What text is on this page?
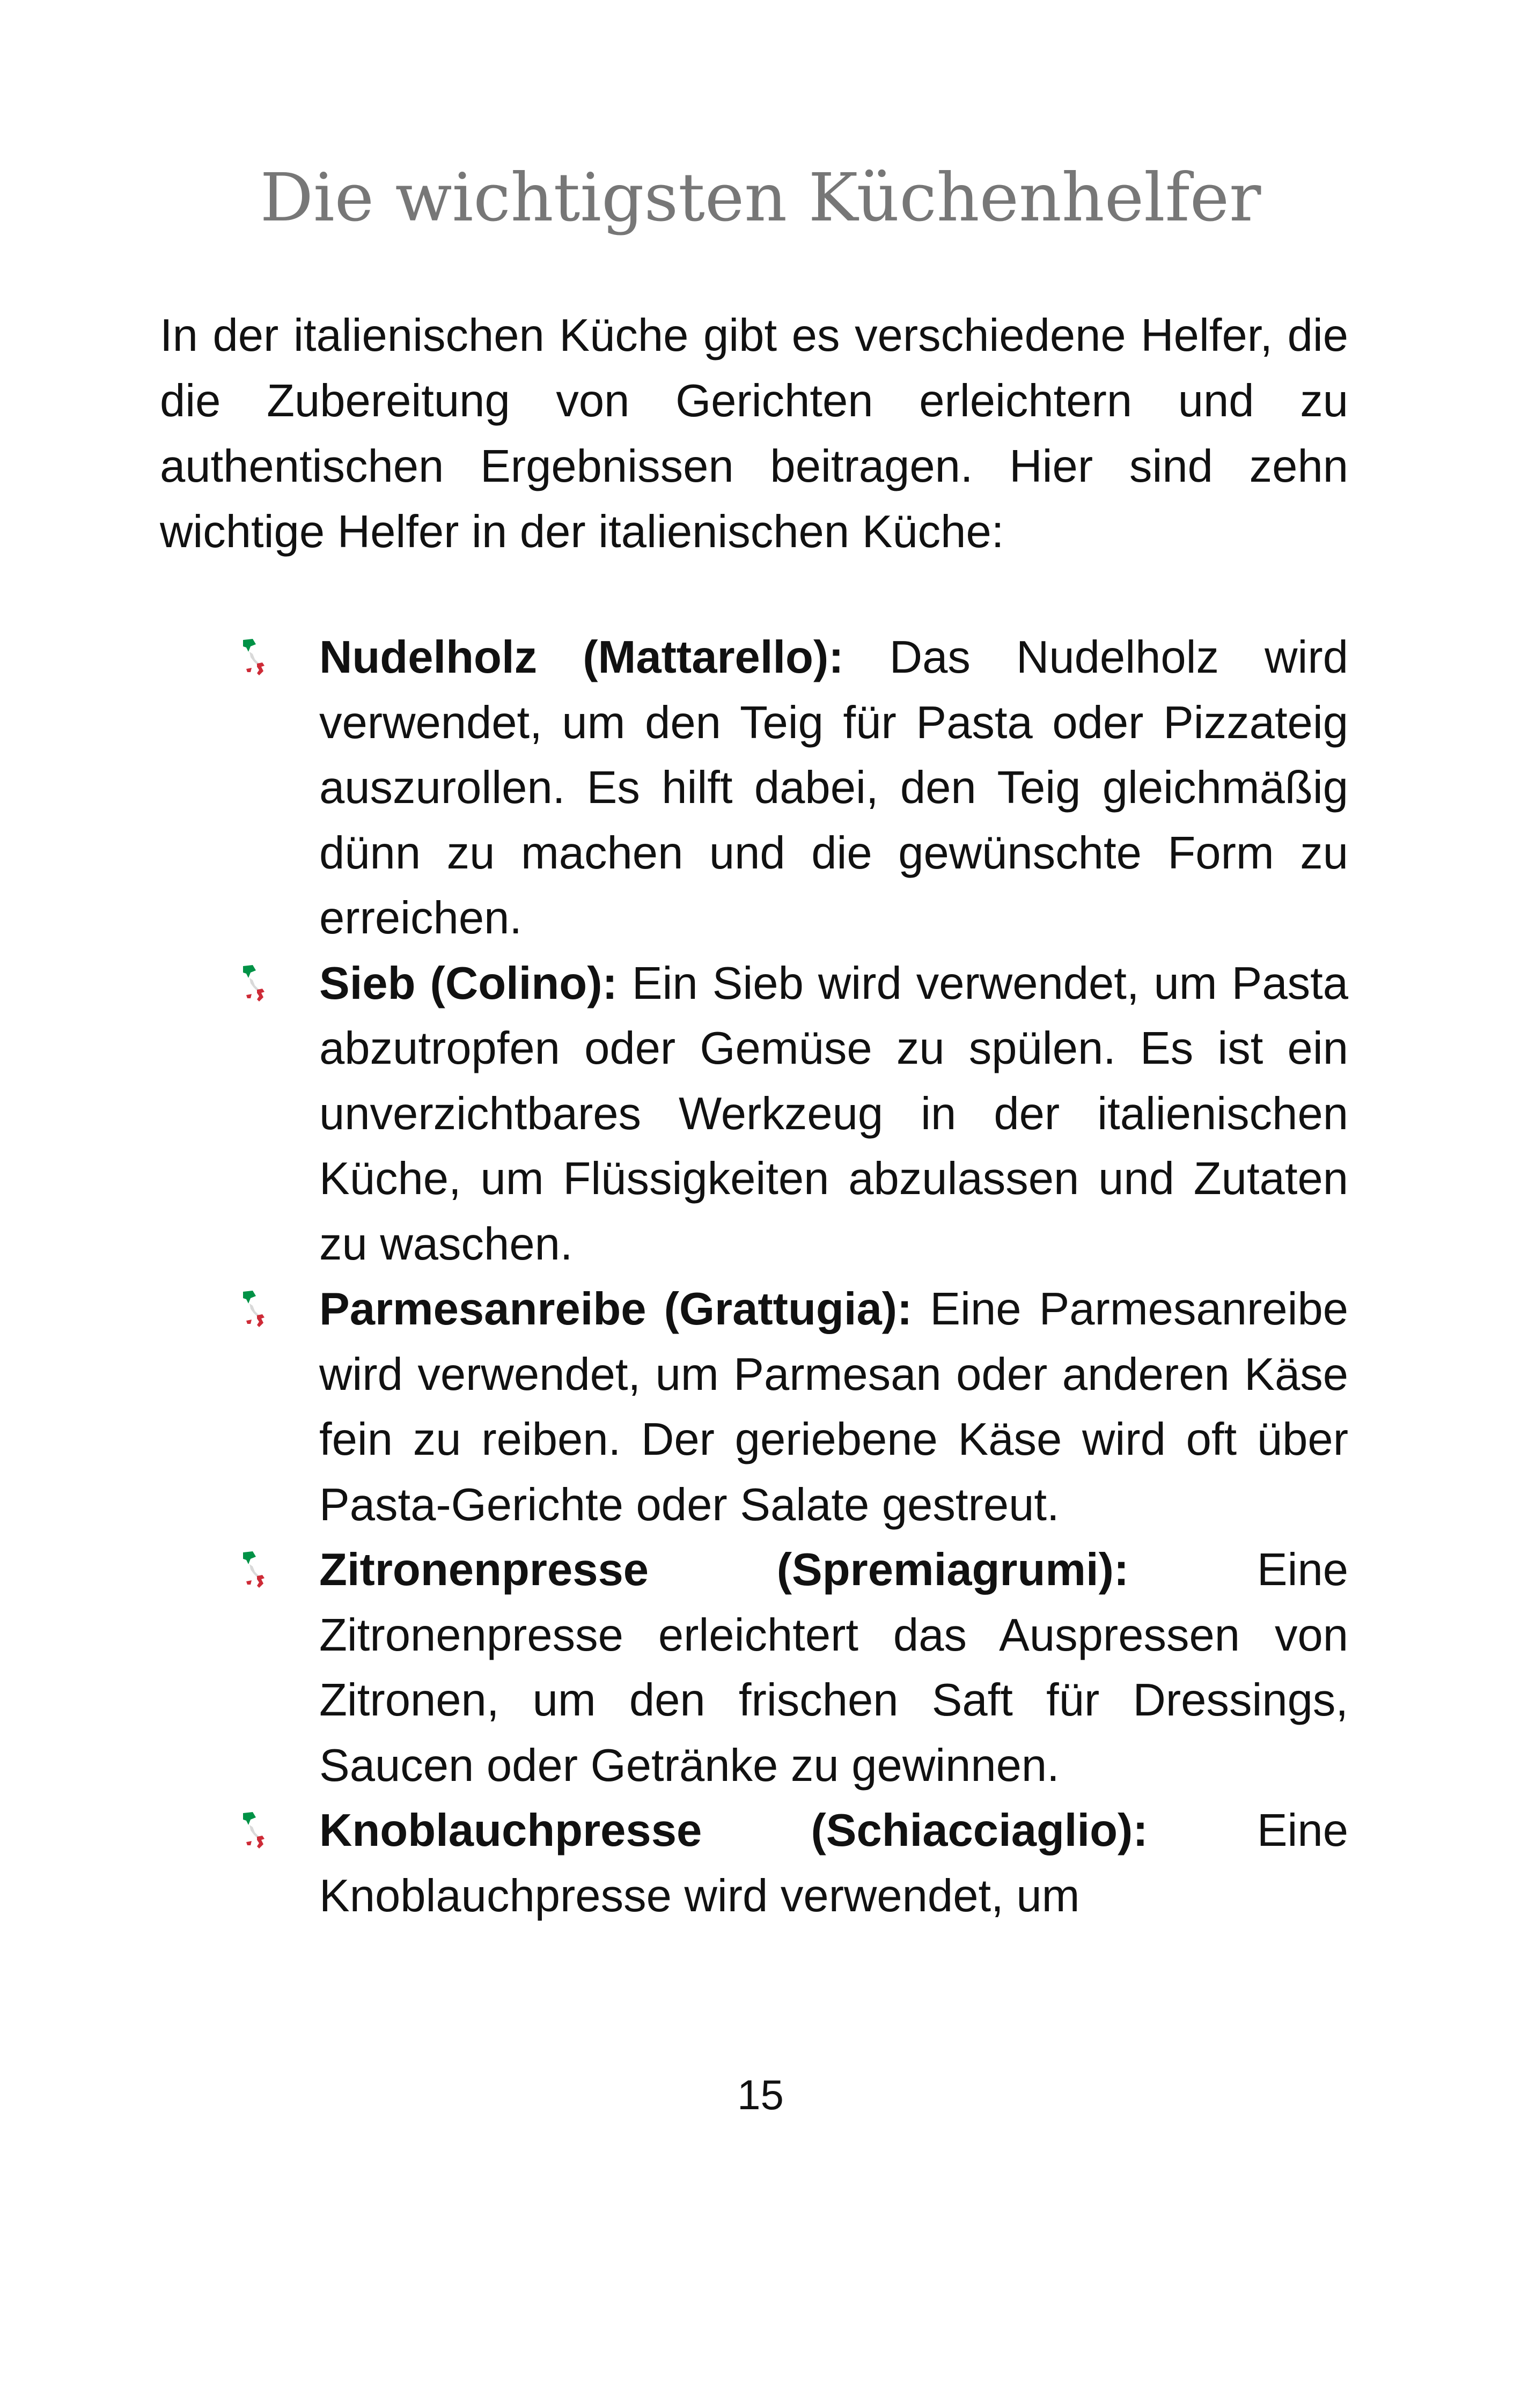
Die wichtigsten Küchenhelfer

In der italienischen Küche gibt es verschiedene Helfer, die die Zubereitung von Gerichten erleichtern und zu authentischen Ergebnissen beitragen. Hier sind zehn wichtige Helfer in der italienischen Küche:

Nudelholz (Mattarello): Das Nudelholz wird verwendet, um den Teig für Pasta oder Pizzateig auszurollen. Es hilft dabei, den Teig gleichmäßig dünn zu machen und die gewünschte Form zu erreichen.
Sieb (Colino): Ein Sieb wird verwendet, um Pasta abzutropfen oder Gemüse zu spülen. Es ist ein unverzichtbares Werkzeug in der italienischen Küche, um Flüssigkeiten abzulassen und Zutaten zu waschen.
Parmesanreibe (Grattugia): Eine Parmesanreibe wird verwendet, um Parmesan oder anderen Käse fein zu reiben. Der geriebene Käse wird oft über Pasta-Gerichte oder Salate gestreut.
Zitronenpresse (Spremiagrumi): Eine Zitronenpresse erleichtert das Auspressen von Zitronen, um den frischen Saft für Dressings, Saucen oder Getränke zu gewinnen.
Knoblauchpresse (Schiacciaglio): Eine Knoblauchpresse wird verwendet, um
15
